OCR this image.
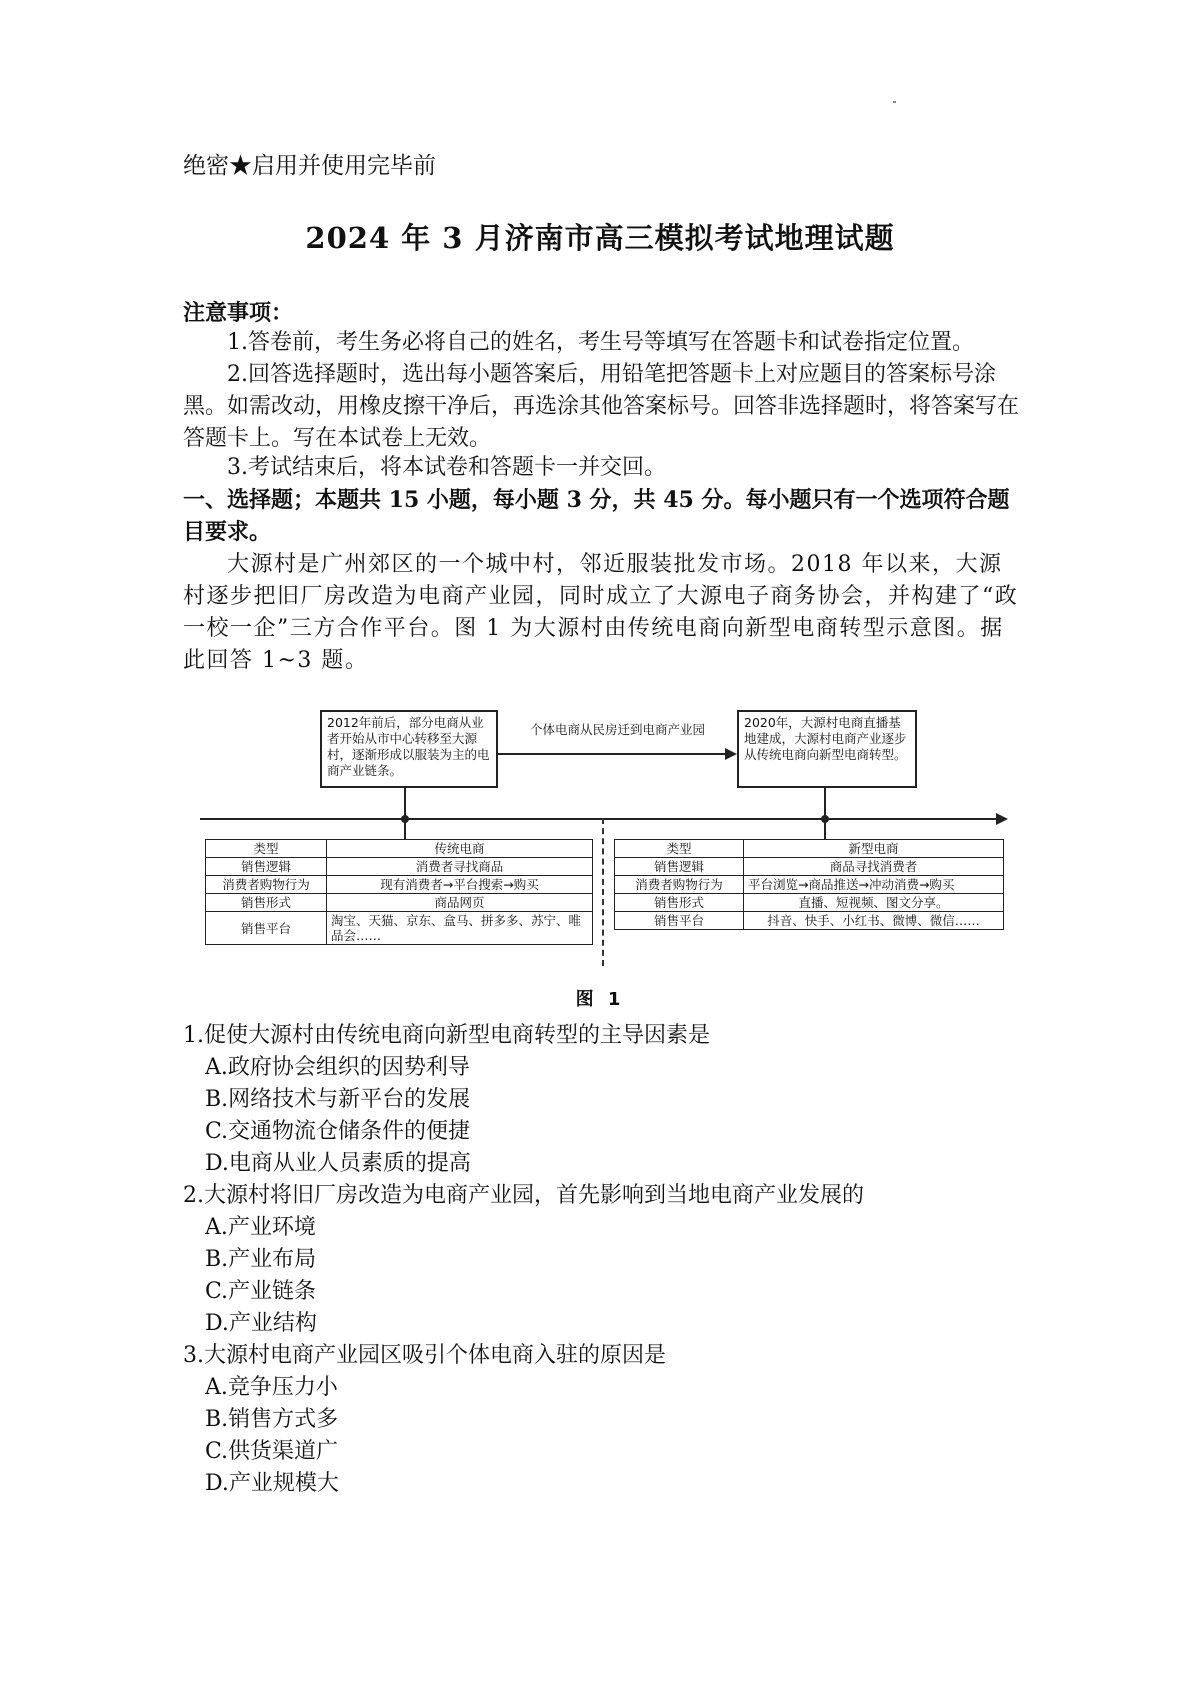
绝密★启用并使用完毕前
2024 年 3 月济南市高三模拟考试地理试题
注意事项：
1.答卷前，考生务必将自己的姓名，考生号等填写在答题卡和试卷指定位置。
2.回答选择题时，选出每小题答案后，用铅笔把答题卡上对应题目的答案标号涂黑。如需改动，用橡皮擦干净后，再选涂其他答案标号。回答非选择题时，将答案写在答题卡上。写在本试卷上无效。
3.考试结束后，将本试卷和答题卡一并交回。
一、选择题；本题共 15 小题，每小题 3 分，共 45 分。每小题只有一个选项符合题目要求。
大源村是广州郊区的一个城中村，邻近服装批发市场。2018 年以来，大源村逐步把旧厂房改造为电商产业园，同时成立了大源电子商务协会，并构建了“政一校一企”三方合作平台。图 1 为大源村由传统电商向新型电商转型示意图。据此回答 1~3 题。
2012年前后，部分电商从业者开始从市中心转移至大源村，逐渐形成以服装为主的电商产业链条。
个体电商从民房迁到电商产业园	2020年，大源村电商直播基地建成，大源村电商产业逐步从传统电商向新型电商转型。
类型	传统电商
销售逻辑	消费者寻找商品
消费者购物行为	现有消费者→平台搜索→购买
销售形式	商品网页
销售平台	淘宝、天猫、京东、盒马、拼多多、苏宁、唯品会……
类型	新型电商
销售逻辑	商品寻找消费者
消费者购物行为	平台浏览→商品推送→冲动消费→购买
销售形式	直播、短视频、图文分享。
销售平台	抖音、快手、小红书、微博、微信……
图 1
1.促使大源村由传统电商向新型电商转型的主导因素是
A.政府协会组织的因势利导
B.网络技术与新平台的发展
C.交通物流仓储条件的便捷
D.电商从业人员素质的提高
2.大源村将旧厂房改造为电商产业园，首先影响到当地电商产业发展的
A.产业环境
B.产业布局
C.产业链条
D.产业结构
3.大源村电商产业园区吸引个体电商入驻的原因是
A.竞争压力小
B.销售方式多
C.供货渠道广
D.产业规模大
